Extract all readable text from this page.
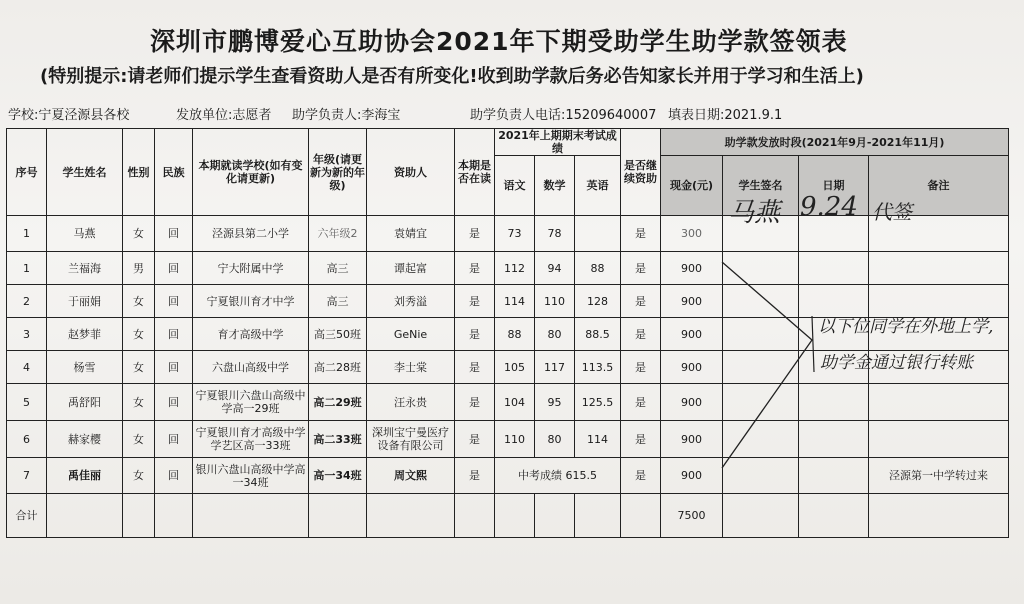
深圳市鹏博爱心互助协会2021年下期受助学生助学款签领表
(特别提示:请老师们提示学生查看资助人是否有所变化!收到助学款后务必告知家长并用于学习和生活上)
学校:宁夏泾源县各校	发放单位:志愿者 助学负责人:李海宝	助学负责人电话:15209640007 填表日期:2021.9.1
序号	学生姓名	性别	民族	本期就读学校(如有变化请更新)	年级(请更新为新的年级)	资助人	本期是否在读	2021年上期期末考试成绩			是否继续资助	助学款发放时段(2021年9月-2021年11月)			
								语文	数学	英语		现金(元)	学生签名	日期	备注
1	马燕	女	回	泾源县第二小学	六年级2	袁婧宜	是	73	78		是	300			
1	兰福海	男	回	宁大附属中学	高三	谭起富	是	112	94	88	是	900			
2	于丽娟	女	回	宁夏银川育才中学	高三	刘秀溢	是	114	110	128	是	900			
3	赵梦菲	女	回	育才高级中学	高三50班	GeNie	是	88	80	88.5	是	900			
4	杨雪	女	回	六盘山高级中学	高二28班	李士棠	是	105	117	113.5	是	900			
5	禹舒阳	女	回	宁夏银川六盘山高级中学高一29班	高二29班	汪永贵	是	104	95	125.5	是	900			
6	赫家樱	女	回	宁夏银川育才高级中学学艺区高一33班	高二33班	深圳宝宁曼医疗设备有限公司	是	110	80	114	是	900			
7	禹佳丽	女	回	银川六盘山高级中学高一34班	高一34班	周文熙	是	中考成绩 615.5			是	900			泾源第一中学转过来
合计												7500			
马燕 9.24 代签
以下位同学在外地上学,
助学金通过银行转账
